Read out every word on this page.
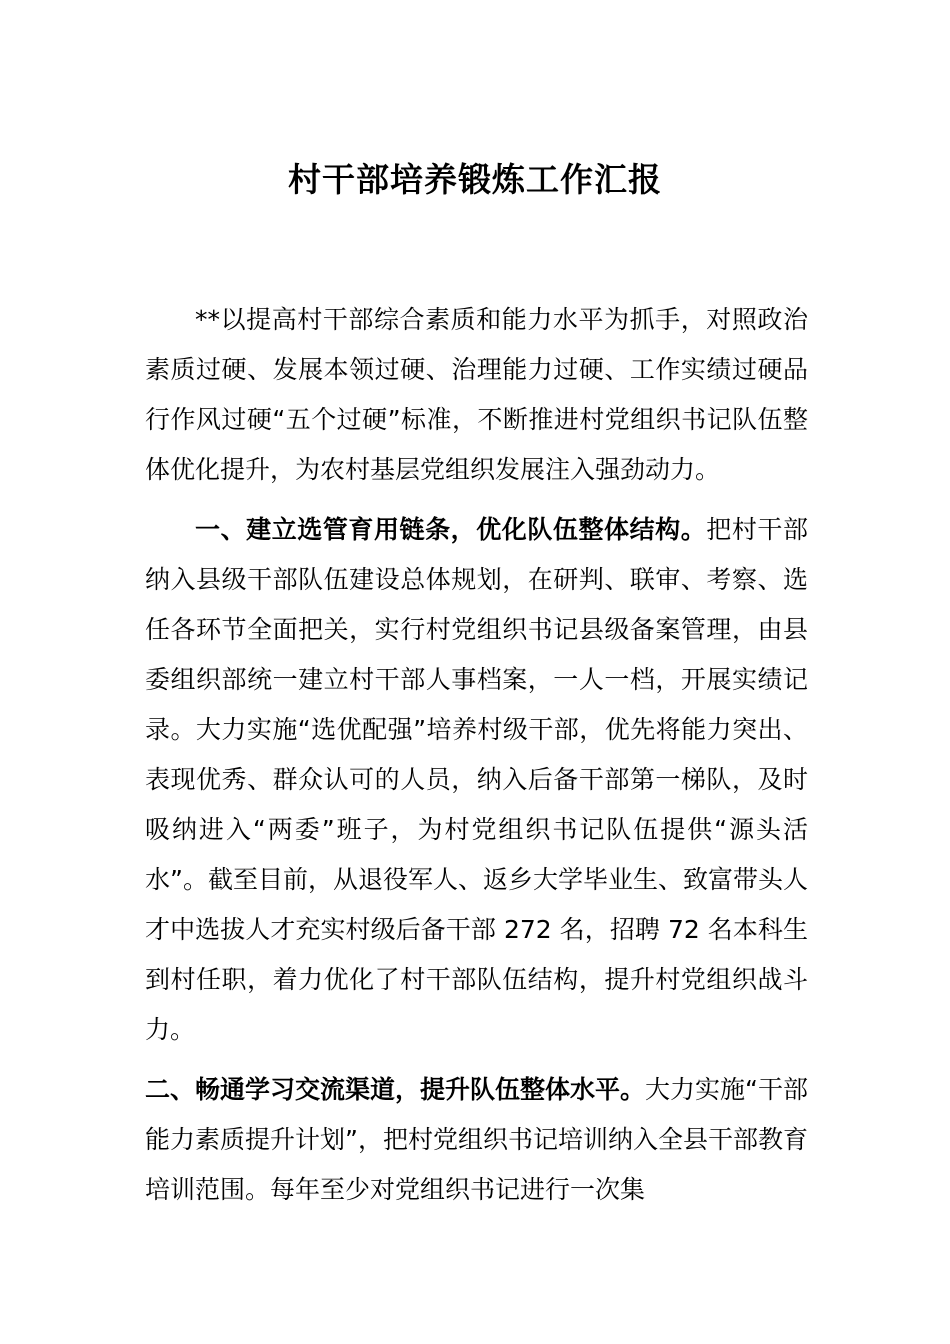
村干部培养锻炼工作汇报

**以提高村干部综合素质和能力水平为抓手，对照政治素质过硬、发展本领过硬、治理能力过硬、工作实绩过硬品行作风过硬“五个过硬”标准，不断推进村党组织书记队伍整体优化提升，为农村基层党组织发展注入强劲动力。

一、建立选管育用链条，优化队伍整体结构。把村干部纳入县级干部队伍建设总体规划，在研判、联审、考察、选任各环节全面把关，实行村党组织书记县级备案管理，由县委组织部统一建立村干部人事档案，一人一档，开展实绩记录。大力实施“选优配强”培养村级干部，优先将能力突出、表现优秀、群众认可的人员，纳入后备干部第一梯队，及时吸纳进入“两委”班子，为村党组织书记队伍提供“源头活水”。截至目前，从退役军人、返乡大学毕业生、致富带头人才中选拔人才充实村级后备干部 272 名，招聘 72 名本科生到村任职，着力优化了村干部队伍结构，提升村党组织战斗力。

二、畅通学习交流渠道，提升队伍整体水平。大力实施“干部能力素质提升计划”，把村党组织书记培训纳入全县干部教育培训范围。每年至少对党组织书记进行一次集
